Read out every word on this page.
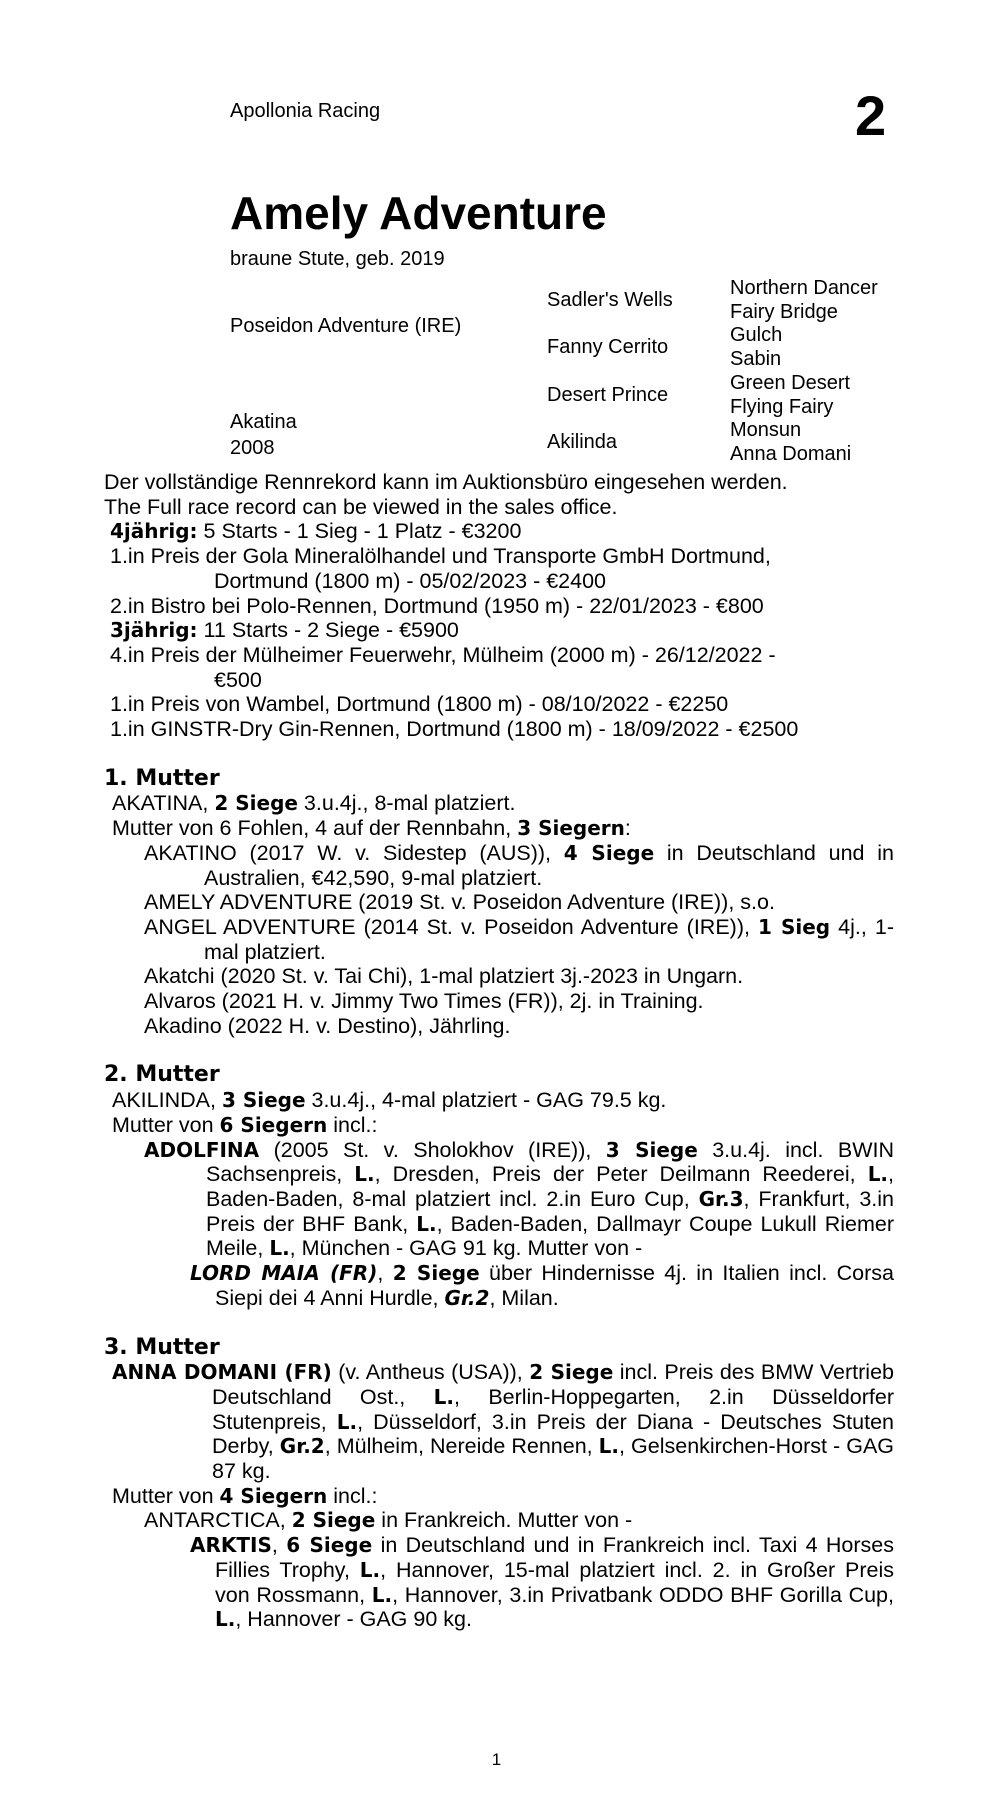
Apollonia Racing	2
Amely Adventure
braune Stute, geb. 2019
Poseidon Adventure (IRE)
Akatina
2008
Sadler's Wells
Fanny Cerrito
Desert Prince
Akilinda
Northern Dancer
Fairy Bridge
Gulch
Sabin
Green Desert
Flying Fairy
Monsun
Anna Domani

Der vollständige Rennrekord kann im Auktionsbüro eingesehen werden.

The Full race record can be viewed in the sales office.

4jährig: 5 Starts - 1 Sieg - 1 Platz - €3200

1.in Preis der Gola Mineralölhandel und Transporte GmbH Dortmund,

Dortmund (1800 m) - 05/02/2023 - €2400

2.in Bistro bei Polo-Rennen, Dortmund (1950 m) - 22/01/2023 - €800

3jährig: 11 Starts - 2 Siege - €5900

4.in Preis der Mülheimer Feuerwehr, Mülheim (2000 m) - 26/12/2022 -

€500

1.in Preis von Wambel, Dortmund (1800 m) - 08/10/2022 - €2250

1.in GINSTR-Dry Gin-Rennen, Dortmund (1800 m) - 18/09/2022 - €2500

1. Mutter

AKATINA, 2 Siege 3.u.4j., 8-mal platziert.

Mutter von 6 Fohlen, 4 auf der Rennbahn, 3 Siegern:

AKATINO (2017 W. v. Sidestep (AUS)), 4 Siege in Deutschland und in Australien, €42,590, 9-mal platziert.

AMELY ADVENTURE (2019 St. v. Poseidon Adventure (IRE)), s.o.

ANGEL ADVENTURE (2014 St. v. Poseidon Adventure (IRE)), 1 Sieg 4j., 1-mal platziert.

Akatchi (2020 St. v. Tai Chi), 1-mal platziert 3j.-2023 in Ungarn.

Alvaros (2021 H. v. Jimmy Two Times (FR)), 2j. in Training.

Akadino (2022 H. v. Destino), Jährling.

2. Mutter

AKILINDA, 3 Siege 3.u.4j., 4-mal platziert - GAG 79.5 kg.

Mutter von 6 Siegern incl.:

ADOLFINA (2005 St. v. Sholokhov (IRE)), 3 Siege 3.u.4j. incl. BWIN Sachsenpreis, L., Dresden, Preis der Peter Deilmann Reederei, L., Baden-Baden, 8-mal platziert incl. 2.in Euro Cup, Gr.3, Frankfurt, 3.in Preis der BHF Bank, L., Baden-Baden, Dallmayr Coupe Lukull Riemer Meile, L., München - GAG 91 kg. Mutter von -

LORD MAIA (FR), 2 Siege über Hindernisse 4j. in Italien incl. Corsa Siepi dei 4 Anni Hurdle, Gr.2, Milan.

3. Mutter

ANNA DOMANI (FR) (v. Antheus (USA)), 2 Siege incl. Preis des BMW Vertrieb Deutschland Ost., L., Berlin-Hoppegarten, 2.in Düsseldorfer Stutenpreis, L., Düsseldorf, 3.in Preis der Diana - Deutsches Stuten Derby, Gr.2, Mülheim, Nereide Rennen, L., Gelsenkirchen-Horst - GAG 87 kg.

Mutter von 4 Siegern incl.:

ANTARCTICA, 2 Siege in Frankreich. Mutter von -

ARKTIS, 6 Siege in Deutschland und in Frankreich incl. Taxi 4 Horses Fillies Trophy, L., Hannover, 15-mal platziert incl. 2. in Großer Preis von Rossmann, L., Hannover, 3.in Privatbank ODDO BHF Gorilla Cup, L., Hannover - GAG 90 kg.

1
